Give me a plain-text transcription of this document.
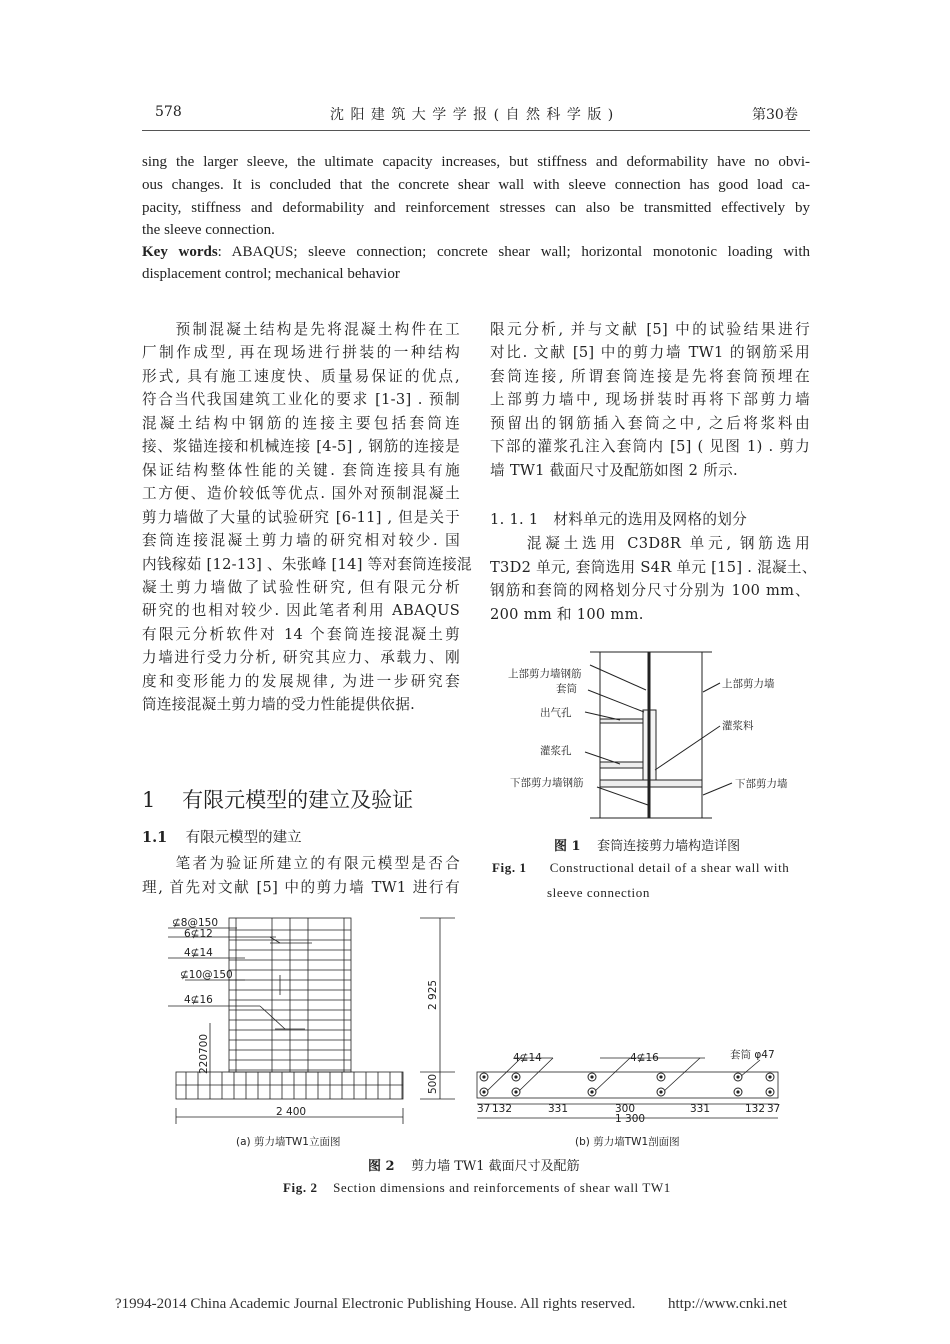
578	沈 阳 建 筑 大 学 学 报 ( 自 然 科 学 版 )	第30卷
sing the larger sleeve, the ultimate capacity increases, but stiffness and deformability have no obvi-
ous changes. It is concluded that the concrete shear wall with sleeve connection has good load ca-
pacity, stiffness and deformability and reinforcement stresses can also be transmitted effectively by
the sleeve connection.
Key words: ABAQUS; sleeve connection; concrete shear wall; horizontal monotonic loading with
displacement control; mechanical behavior
　　预制混凝土结构是先将混凝土构件在工
厂制作成型, 再在现场进行拼装的一种结构
形式, 具有施工速度快、质量易保证的优点,
符合当代我国建筑工业化的要求 [1-3] . 预制
混凝土结构中钢筋的连接主要包括套筒连
接、浆锚连接和机械连接 [4-5] , 钢筋的连接是
保证结构整体性能的关键. 套筒连接具有施
工方便、造价较低等优点. 国外对预制混凝土
剪力墙做了大量的试验研究 [6-11] , 但是关于
套筒连接混凝土剪力墙的研究相对较少. 国
内钱稼茹 [12-13] 、朱张峰 [14] 等对套筒连接混
凝土剪力墙做了试验性研究, 但有限元分析
研究的也相对较少. 因此笔者利用 ABAQUS
有限元分析软件对 14 个套筒连接混凝土剪
力墙进行受力分析, 研究其应力、承载力、刚
度和变形能力的发展规律, 为进一步研究套
筒连接混凝土剪力墙的受力性能提供依据.
　　笔者为验证所建立的有限元模型是否合
理, 首先对文献 [5] 中的剪力墙 TW1 进行有
1 有限元模型的建立及验证
1.1 有限元模型的建立
限元分析, 并与文献 [5] 中的试验结果进行
对比. 文献 [5] 中的剪力墙 TW1 的钢筋采用
套筒连接, 所谓套筒连接是先将套筒预埋在
上部剪力墙中, 现场拼装时再将下部剪力墙
预留出的钢筋插入套筒之中, 之后将浆料由
下部的灌浆孔注入套筒内 [5] ( 见图 1) . 剪力
墙 TW1 截面尺寸及配筋如图 2 所示.
　　混凝土选用 C3D8R 单元, 钢筋选用
T3D2 单元, 套筒选用 S4R 单元 [15] . 混凝土、
钢筋和套筒的网格划分尺寸分别为 100 mm、
200 mm 和 100 mm.
1. 1. 1　材料单元的选用及网格的划分
上部剪力墙钢筋
套筒
出气孔
灌浆孔
下部剪力墙钢筋
上部剪力墙
灌浆料
下部剪力墙
⊈8@150
6⊈12
4⊈14
⊈10@150
4⊈16	2 925
500
220
700
2 400
(a) 剪力墙TW1立面图
4⊈14	4⊈16	套筒 φ47
37 132	331	300	331	132 37
1 300
(b) 剪力墙TW1剖面图
图 1 套筒连接剪力墙构造详图
Fig. 1 Constructional detail of a shear wall with
sleeve connection
图 2 剪力墙 TW1 截面尺寸及配筋
Fig. 2 Section dimensions and reinforcements of shear wall TW1
?1994-2014 China Academic Journal Electronic Publishing House. All rights reserved. http://www.cnki.net
